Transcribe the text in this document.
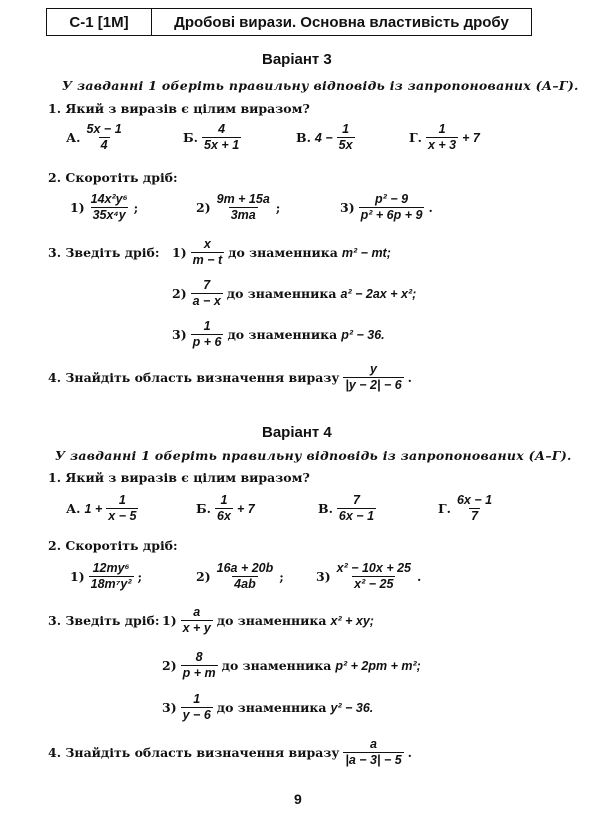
С-1 [1М]	Дробові вирази. Основна властивість дробу
Варіант 3
У завданні 1 оберіть правильну відповідь із запропонованих (А–Г).
1. Який з виразів є цілим виразом?
А. $\frac{5x - 1}{4}$	Б. $\frac{4}{5x + 1}$	В. $4 - \frac{1}{5x}$	Г. $\frac{1}{x + 3} + 7$
2. Скоротіть дріб:
$1) \frac{\text{14x²y⁶}}{\text{35x⁴y}}$ ;	$2) \frac{9m + 15a}{3ma}$ ;	$3) \frac{\text{p² − 9}}{\text{p² + 6p + 9}}$ .
3. Зведіть дріб: $1) \frac{x}{m - t}$ до знаменника m² − mt;
$2) \frac{7}{a - x}$ до знаменника a² − 2ax + x²;
$3) \frac{1}{p + 6}$ до знаменника p² − 36.
4. Знайдіть область визначення виразу $\frac{y}{|y - 2| - 6}$ .
Варіант 4
У завданні 1 оберіть правильну відповідь із запропонованих (А–Г).
1. Який з виразів є цілим виразом?
А. $1 + \frac{1}{x - 5}$	Б. $\frac{1}{6x} + 7$	В. $\frac{7}{6x - 1}$	Г. $\frac{6x - 1}{7}$
2. Скоротіть дріб:
$1) \frac{\text{12my⁶}}{\text{18m⁷y²}}$ ;	$2) \frac{16a + 20b}{4ab}$ ;	$3) \frac{\text{x² − 10x + 25}}{\text{x² − 25}}$ .
3. Зведіть дріб: $1) \frac{a}{x + y}$ до знаменника x² + xy;
$2) \frac{8}{p + m}$ до знаменника p² + 2pm + m²;
$3) \frac{1}{y - 6}$ до знаменника y² − 36.
4. Знайдіть область визначення виразу $\frac{a}{|a - 3| - 5}$ .
9
